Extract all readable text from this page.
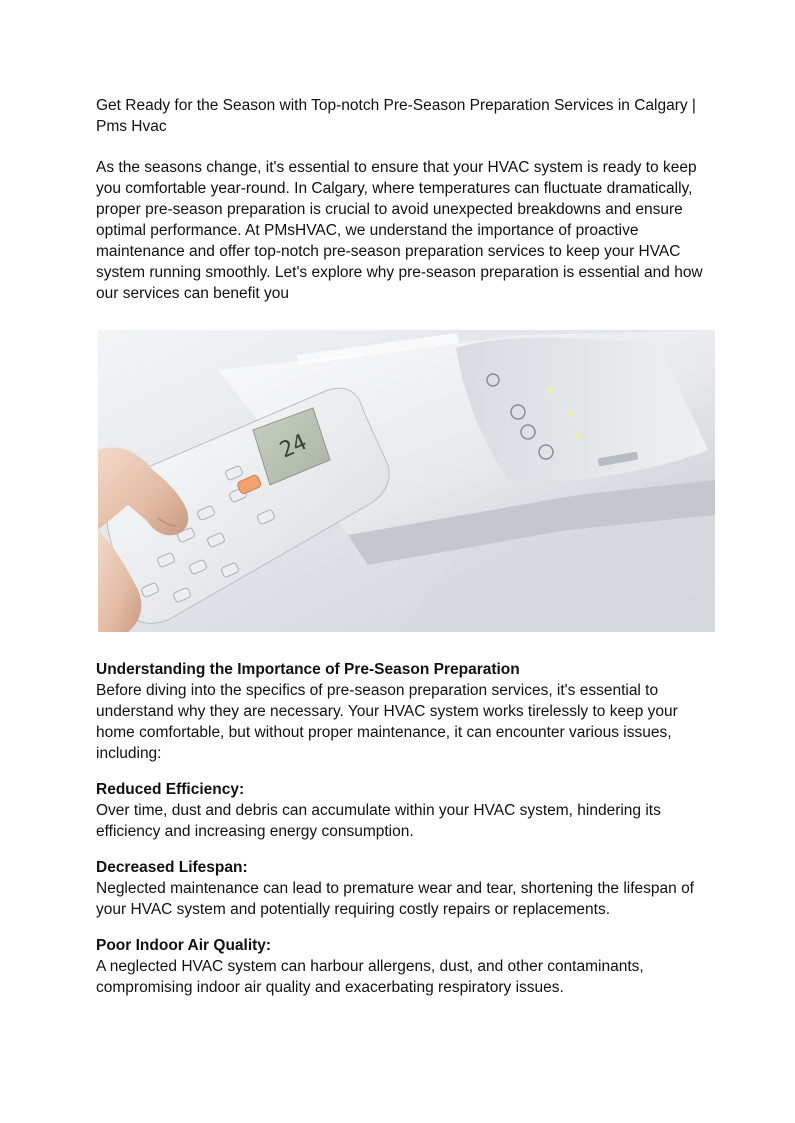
Get Ready for the Season with Top-notch Pre-Season Preparation Services in Calgary | Pms Hvac

As the seasons change, it's essential to ensure that your HVAC system is ready to keep you comfortable year-round. In Calgary, where temperatures can fluctuate dramatically, proper pre-season preparation is crucial to avoid unexpected breakdowns and ensure optimal performance. At PMsHVAC, we understand the importance of proactive maintenance and offer top-notch pre-season preparation services to keep your HVAC system running smoothly. Let's explore why pre-season preparation is essential and how our services can benefit you

24

Understanding the Importance of Pre-Season Preparation

Before diving into the specifics of pre-season preparation services, it's essential to understand why they are necessary. Your HVAC system works tirelessly to keep your home comfortable, but without proper maintenance, it can encounter various issues, including:

Reduced Efficiency:

Over time, dust and debris can accumulate within your HVAC system, hindering its efficiency and increasing energy consumption.

Decreased Lifespan:

Neglected maintenance can lead to premature wear and tear, shortening the lifespan of your HVAC system and potentially requiring costly repairs or replacements.

Poor Indoor Air Quality:

A neglected HVAC system can harbour allergens, dust, and other contaminants, compromising indoor air quality and exacerbating respiratory issues.
